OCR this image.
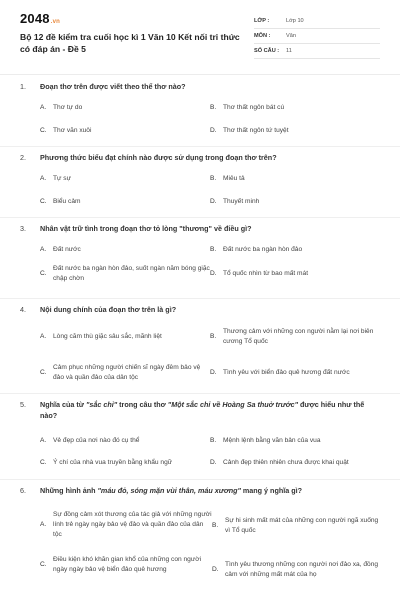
2048.vn
Bộ 12 đề kiểm tra cuối học kì 1 Văn 10 Kết nối tri thức có đáp án - Đề 5
LỚP :	Lớp 10
MÔN :	Văn
SỐ CÂU :	11
1.	Đoạn thơ trên được viết theo thể thơ nào?
A.	Thơ tự do	B.	Thơ thất ngôn bát cú
C. Thơ văn xuôi	D. Thơ thất ngôn tứ tuyệt
2.	Phương thức biểu đạt chính nào được sử dụng trong đoạn thơ trên?
A.	Tự sự	B.	Miêu tả
C. Biểu cảm	D. Thuyết minh
3.	Nhân vật trữ tình trong đoạn thơ tỏ lòng "thương" về điều gì?
A.	Đất nước	B.	Đất nước ba ngàn hòn đảo
C.
Đất nước ba ngàn hòn đảo, suốt ngàn năm bóng giặc chập chờn
D. Tổ quốc nhìn từ bao mất mát
4.	Nội dung chính của đoạn thơ trên là gì?
A.	Lòng căm thù giặc sâu sắc, mãnh liệt	B.
Thương cảm với những con người nằm lại nơi biên cương Tổ quốc
C.
Cảm phục những người chiến sĩ ngày đêm bảo vệ đảo và quần đảo của dân tộc
D. Tình yêu với biển đảo quê hương đất nước
5.	Nghĩa của từ "sắc chỉ" trong câu thơ "Một sắc chỉ về Hoàng Sa thuở trước" được hiểu như thế nào?
A.	Vẻ đẹp của nơi nào đó cụ thể	B.	Mệnh lệnh bằng văn bản của vua
C. Ý chí của nhà vua truyền bằng khẩu ngữ	D. Cảnh đẹp thiên nhiên chưa được khai quật
6.	Những hình ảnh "máu đỏ, sóng mặn vùi thân, máu xương" mang ý nghĩa gì?
A.
Sự đồng cảm xót thương của tác giả với những người lính trẻ ngày ngày bảo vệ đảo và quần đảo của dân tộc
B.
Sự hi sinh mất mát của những con người ngã xuống vì Tổ quốc
C.
Điều kiện khó khăn gian khổ của những con người ngày ngày bảo vệ biển đảo quê hương	D.
Tình yêu thương những con người nơi đảo xa, đồng cảm với những mất mát của họ
